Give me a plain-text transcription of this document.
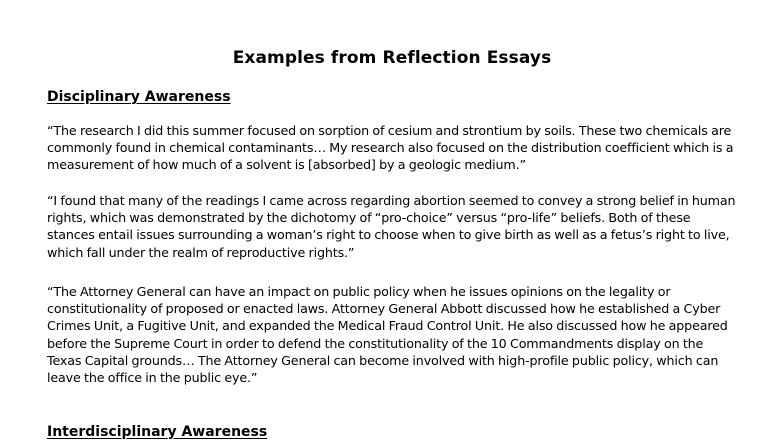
Examples from Reflection Essays
Disciplinary Awareness

“The research I did this summer focused on sorption of cesium and strontium by soils. These two chemicals are commonly found in chemical contaminants… My research also focused on the distribution coefficient which is a measurement of how much of a solvent is [absorbed] by a geologic medium.”

“I found that many of the readings I came across regarding abortion seemed to convey a strong belief in human rights, which was demonstrated by the dichotomy of “pro-choice” versus “pro-life” beliefs. Both of these stances entail issues surrounding a woman’s right to choose when to give birth as well as a fetus’s right to live, which fall under the realm of reproductive rights.”

“The Attorney General can have an impact on public policy when he issues opinions on the legality or constitutionality of proposed or enacted laws. Attorney General Abbott discussed how he established a Cyber Crimes Unit, a Fugitive Unit, and expanded the Medical Fraud Control Unit. He also discussed how he appeared before the Supreme Court in order to defend the constitutionality of the 10 Commandments display on the Texas Capital grounds… The Attorney General can become involved with high-profile public policy, which can leave the office in the public eye.”

Interdisciplinary Awareness
